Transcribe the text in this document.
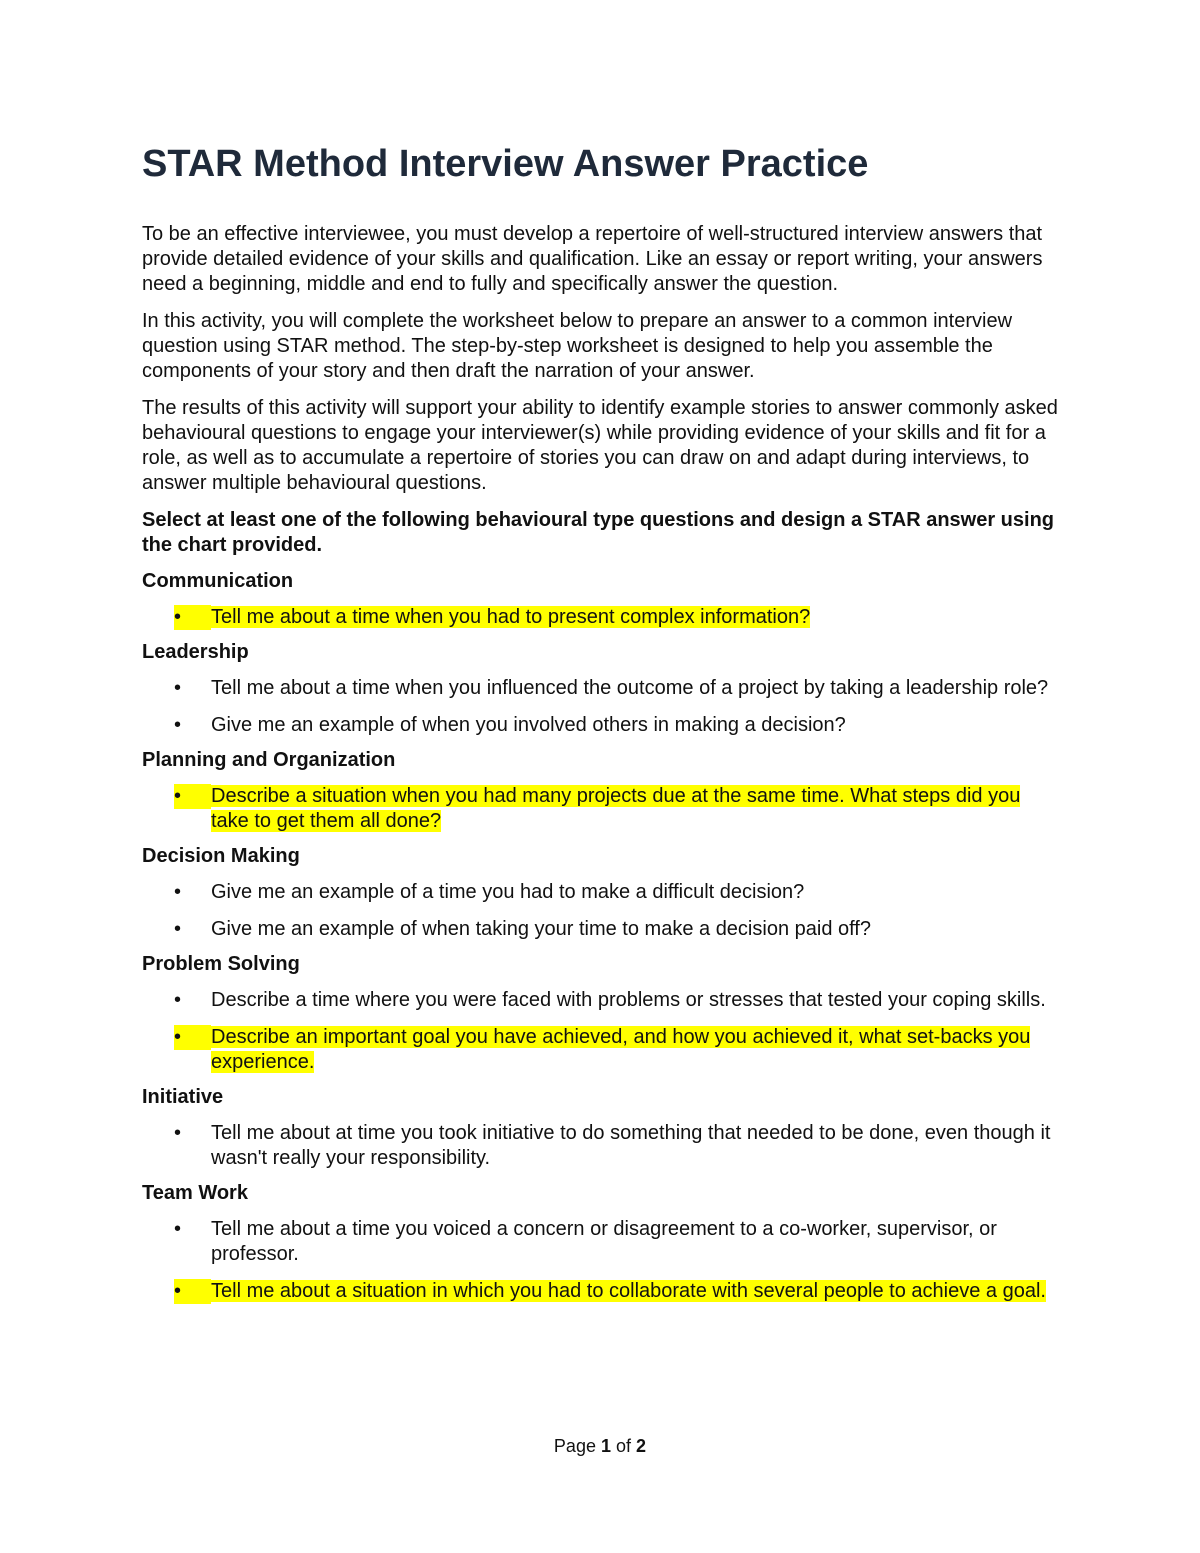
STAR Method Interview Answer Practice

To be an effective interviewee, you must develop a repertoire of well-structured interview answers that provide detailed evidence of your skills and qualification. Like an essay or report writing, your answers need a beginning, middle and end to fully and specifically answer the question.

In this activity, you will complete the worksheet below to prepare an answer to a common interview question using STAR method. The step-by-step worksheet is designed to help you assemble the components of your story and then draft the narration of your answer.

The results of this activity will support your ability to identify example stories to answer commonly asked behavioural questions to engage your interviewer(s) while providing evidence of your skills and fit for a role, as well as to accumulate a repertoire of stories you can draw on and adapt during interviews, to answer multiple behavioural questions.

Select at least one of the following behavioural type questions and design a STAR answer using the chart provided.

Communication

•	Tell me about a time when you had to present complex information?

Leadership

•	Tell me about a time when you influenced the outcome of a project by taking a leadership role?
•	Give me an example of when you involved others in making a decision?

Planning and Organization

•	Describe a situation when you had many projects due at the same time. What steps did you take to get them all done?

Decision Making

•	Give me an example of a time you had to make a difficult decision?
•	Give me an example of when taking your time to make a decision paid off?

Problem Solving

•	Describe a time where you were faced with problems or stresses that tested your coping skills.
•	Describe an important goal you have achieved, and how you achieved it, what set-backs you experience.

Initiative

•	Tell me about at time you took initiative to do something that needed to be done, even though it wasn't really your responsibility.

Team Work

•	Tell me about a time you voiced a concern or disagreement to a co-worker, supervisor, or professor.
•	Tell me about a situation in which you had to collaborate with several people to achieve a goal.
Page 1 of 2
